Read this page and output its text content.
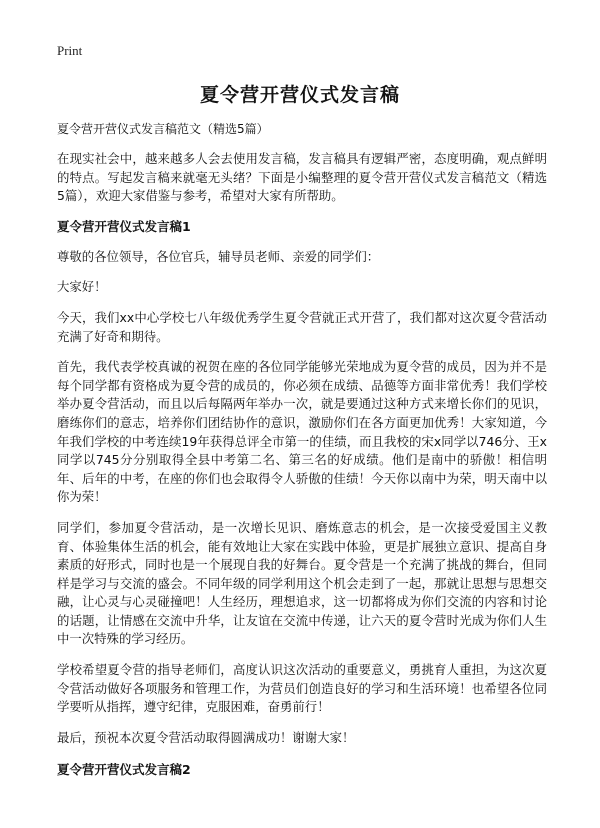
Print
夏令营开营仪式发言稿
夏令营开营仪式发言稿范文（精选5篇）

在现实社会中，越来越多人会去使用发言稿，发言稿具有逻辑严密，态度明确，观点鲜明的特点。写起发言稿来就毫无头绪？下面是小编整理的夏令营开营仪式发言稿范文（精选5篇），欢迎大家借鉴与参考，希望对大家有所帮助。

夏令营开营仪式发言稿1

尊敬的各位领导，各位官兵，辅导员老师、亲爱的同学们：

大家好！

今天，我们xx中心学校七八年级优秀学生夏令营就正式开营了，我们都对这次夏令营活动充满了好奇和期待。

首先，我代表学校真诚的祝贺在座的各位同学能够光荣地成为夏令营的成员，因为并不是每个同学都有资格成为夏令营的成员的，你必须在成绩、品德等方面非常优秀！我们学校举办夏令营活动，而且以后每隔两年举办一次，就是要通过这种方式来增长你们的见识，磨练你们的意志，培养你们团结协作的意识，激励你们在各方面更加优秀！大家知道，今年我们学校的中考连续19年获得总评全市第一的佳绩，而且我校的宋x同学以746分、王x同学以745分分别取得全县中考第二名、第三名的好成绩。他们是南中的骄傲！相信明年、后年的中考，在座的你们也会取得令人骄傲的佳绩！今天你以南中为荣，明天南中以你为荣！

同学们，参加夏令营活动，是一次增长见识、磨炼意志的机会，是一次接受爱国主义教育、体验集体生活的机会，能有效地让大家在实践中体验，更是扩展独立意识、提高自身素质的好形式，同时也是一个展现自我的好舞台。夏令营是一个充满了挑战的舞台，但同样是学习与交流的盛会。不同年级的同学利用这个机会走到了一起，那就让思想与思想交融，让心灵与心灵碰撞吧！人生经历，理想追求，这一切都将成为你们交流的内容和讨论的话题，让情感在交流中升华，让友谊在交流中传递，让六天的夏令营时光成为你们人生中一次特殊的学习经历。

学校希望夏令营的指导老师们，高度认识这次活动的重要意义，勇挑育人重担，为这次夏令营活动做好各项服务和管理工作，为营员们创造良好的学习和生活环境！也希望各位同学要听从指挥，遵守纪律，克服困难，奋勇前行！

最后，预祝本次夏令营活动取得圆满成功！谢谢大家！

夏令营开营仪式发言稿2
